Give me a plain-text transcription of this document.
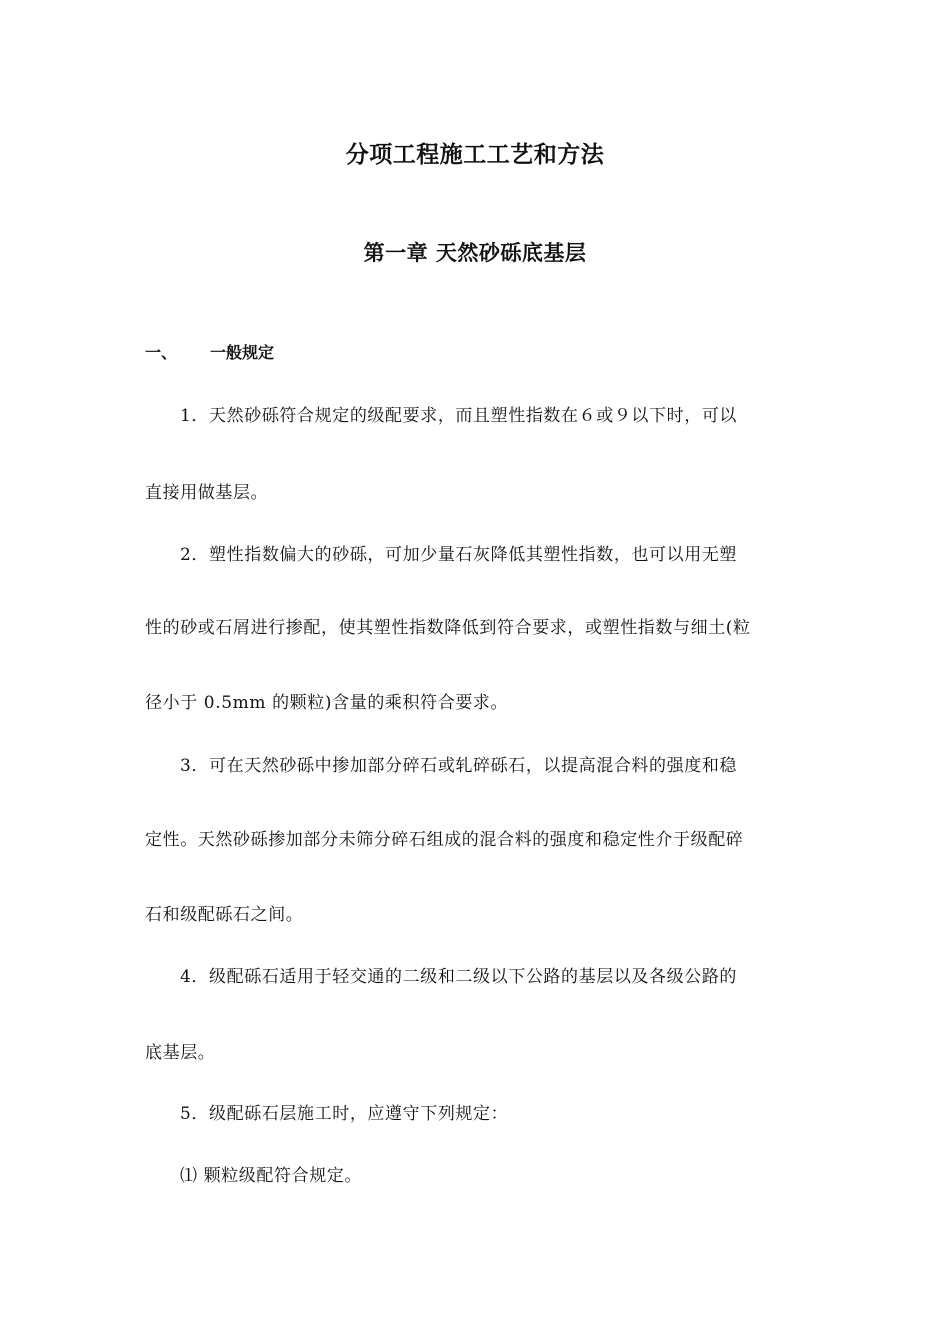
分项工程施工工艺和方法
第一章 天然砂砾底基层
一、 一般规定
1．天然砂砾符合规定的级配要求，而且塑性指数在６或９以下时，可以
直接用做基层。
2．塑性指数偏大的砂砾，可加少量石灰降低其塑性指数，也可以用无塑
性的砂或石屑进行掺配，使其塑性指数降低到符合要求，或塑性指数与细土(粒
径小于 0.5mm 的颗粒)含量的乘积符合要求。
3．可在天然砂砾中掺加部分碎石或轧碎砾石，以提高混合料的强度和稳
定性。天然砂砾掺加部分未筛分碎石组成的混合料的强度和稳定性介于级配碎
石和级配砾石之间。
4．级配砾石适用于轻交通的二级和二级以下公路的基层以及各级公路的
底基层。
5．级配砾石层施工时，应遵守下列规定：
⑴ 颗粒级配符合规定。
